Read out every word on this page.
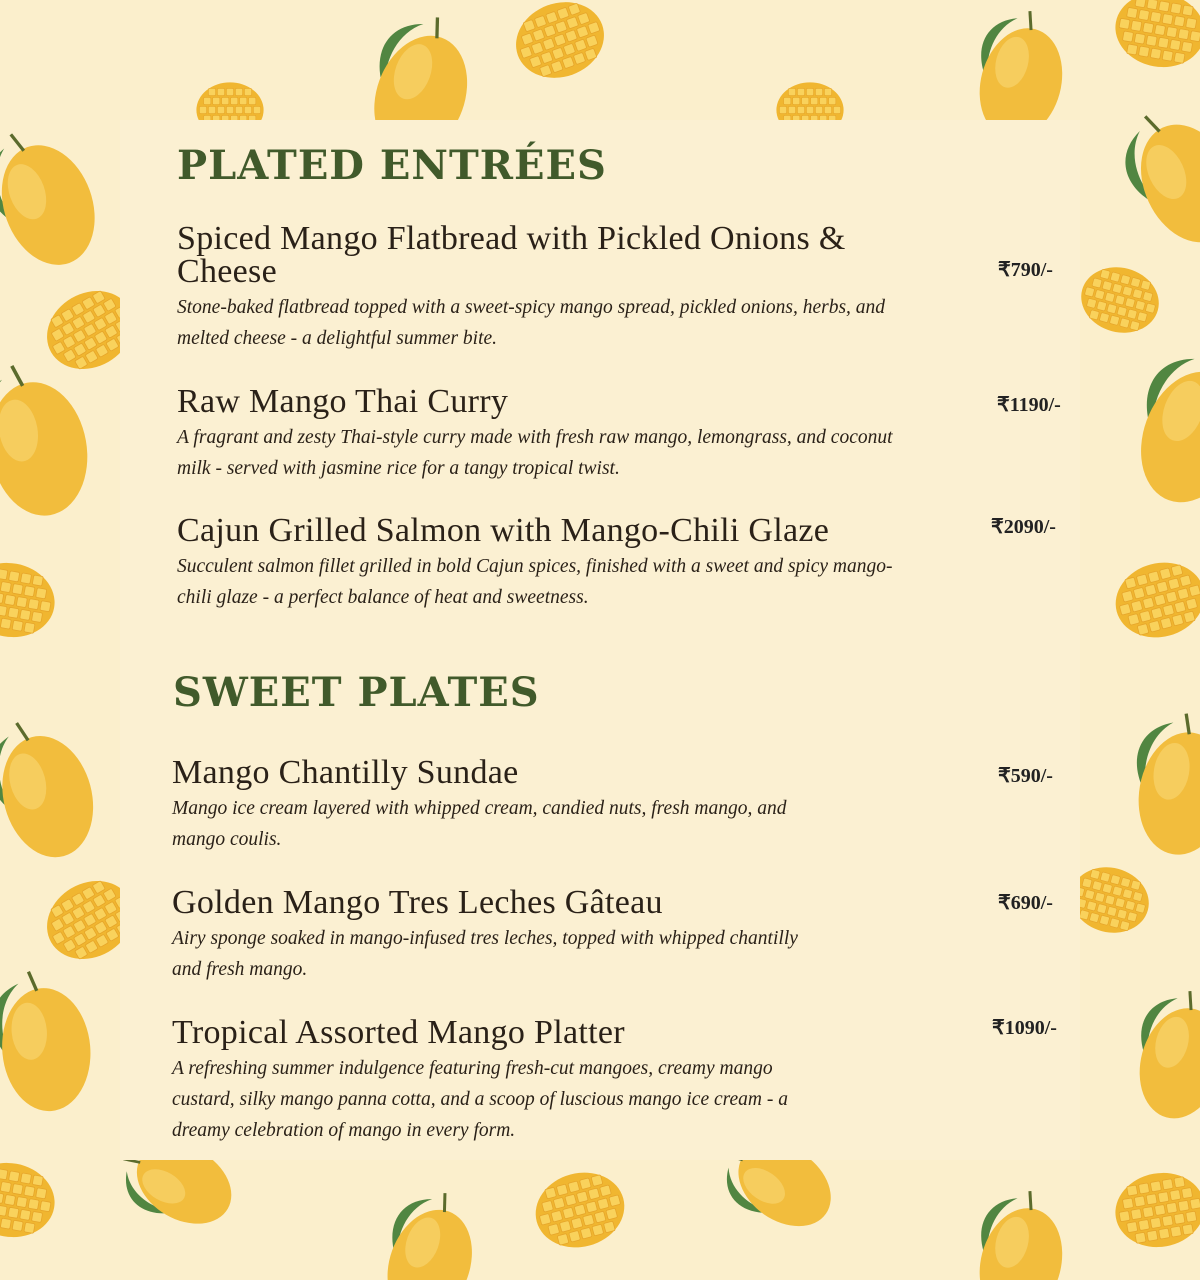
PLATED ENTRÉES
Spiced Mango Flatbread with Pickled Onions & Cheese
Stone-baked flatbread topped with a sweet-spicy mango spread, pickled onions, herbs, and melted cheese - a delightful summer bite.
₹790/-
Raw Mango Thai Curry
A fragrant and zesty Thai-style curry made with fresh raw mango, lemongrass, and coconut milk - served with jasmine rice for a tangy tropical twist.
₹1190/-
Cajun Grilled Salmon with Mango-Chili Glaze
Succulent salmon fillet grilled in bold Cajun spices, finished with a sweet and spicy mango-chili glaze - a perfect balance of heat and sweetness.
₹2090/-
SWEET PLATES
Mango Chantilly Sundae
Mango ice cream layered with whipped cream, candied nuts, fresh mango, and mango coulis.
₹590/-
Golden Mango Tres Leches Gâteau
Airy sponge soaked in mango-infused tres leches, topped with whipped chantilly and fresh mango.
₹690/-
Tropical Assorted Mango Platter
A refreshing summer indulgence featuring fresh-cut mangoes, creamy mango custard, silky mango panna cotta, and a scoop of luscious mango ice cream - a dreamy celebration of mango in every form.
₹1090/-
